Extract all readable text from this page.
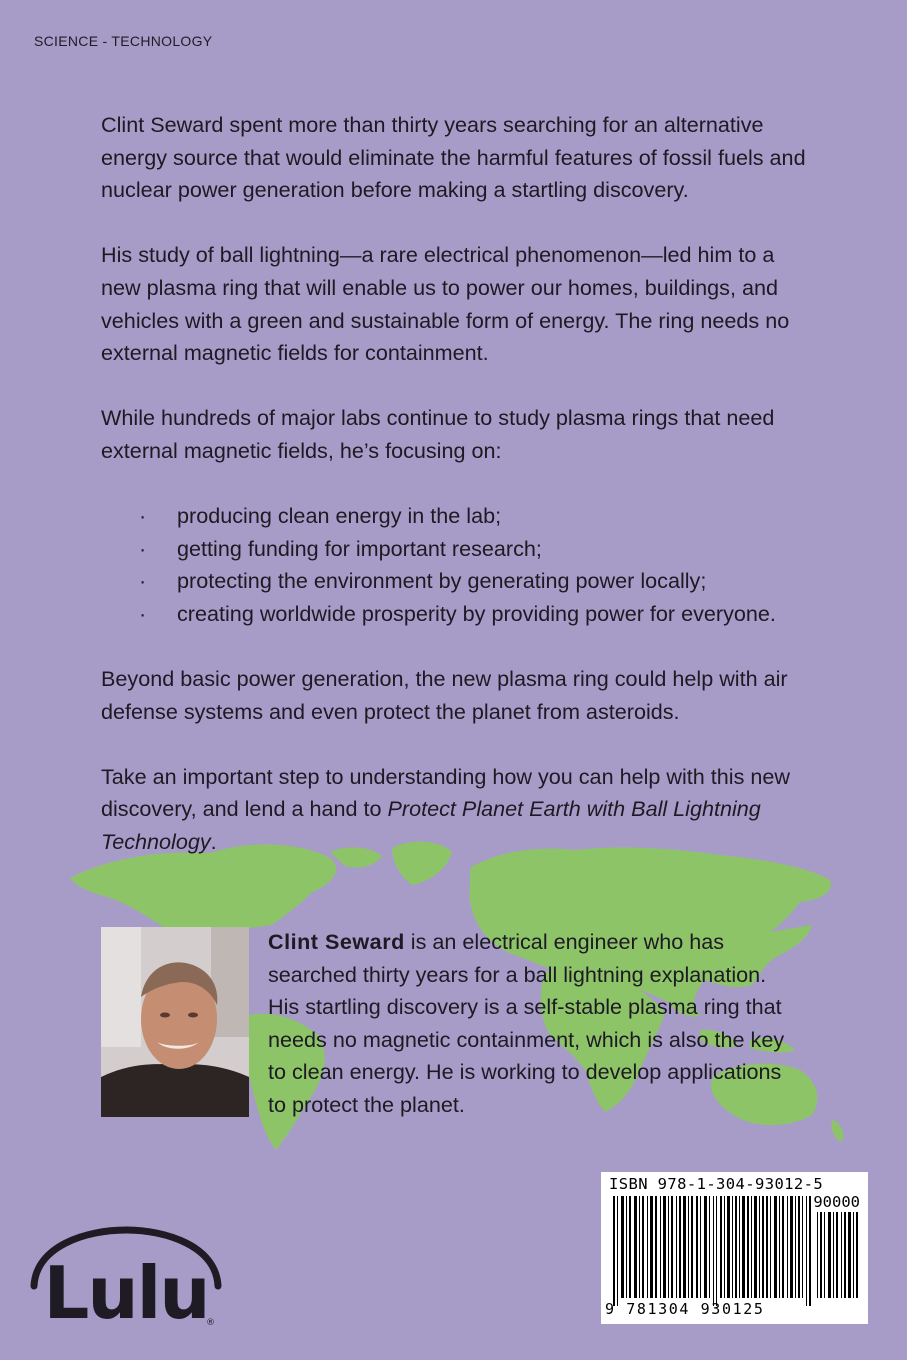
SCIENCE - TECHNOLOGY

Clint Seward spent more than thirty years searching for an alternative energy source that would eliminate the harmful features of fossil fuels and nuclear power generation before making a startling discovery.

His study of ball lightning—a rare electrical phenomenon—led him to a new plasma ring that will enable us to power our homes, buildings, and vehicles with a green and sustainable form of energy. The ring needs no external magnetic fields for containment.

While hundreds of major labs continue to study plasma rings that need external magnetic fields, he’s focusing on:

· producing clean energy in the lab;
· getting funding for important research;
· protecting the environment by generating power locally;
· creating worldwide prosperity by providing power for everyone.

Beyond basic power generation, the new plasma ring could help with air defense systems and even protect the planet from asteroids.

Take an important step to understanding how you can help with this new discovery, and lend a hand to Protect Planet Earth with Ball Lightning Technology.

Clint Seward is an electrical engineer who has searched thirty years for a ball lightning explanation. His startling discovery is a self-stable plasma ring that needs no magnetic containment, which is also the key to clean energy. He is working to develop applications to protect the planet.
ISBN 978-1-304-93012-5
90000
9 781304 930125
Lulu
®
